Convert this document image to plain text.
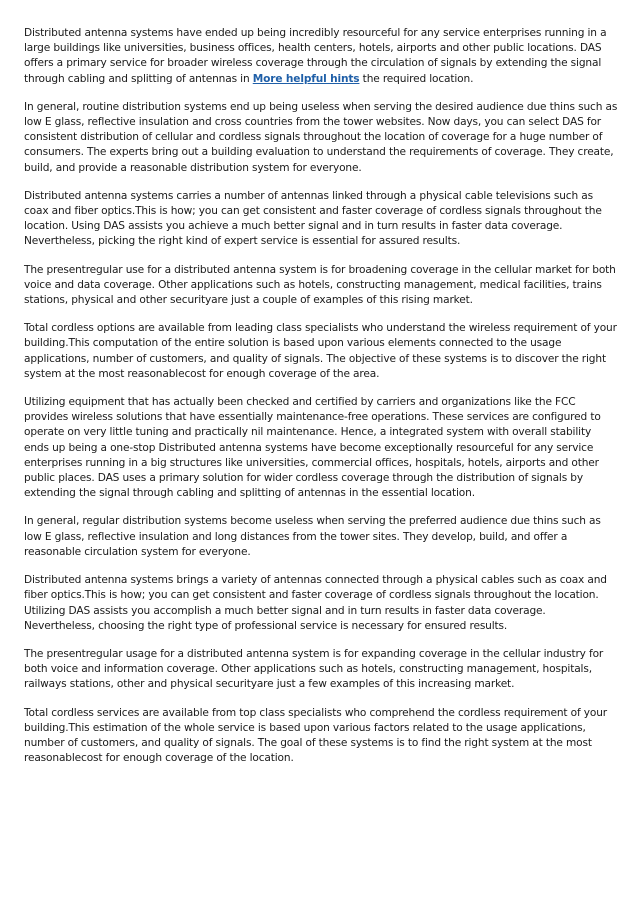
Distributed antenna systems have ended up being incredibly resourceful for any service enterprises running in a large buildings like universities, business offices, health centers, hotels, airports and other public locations. DAS offers a primary service for broader wireless coverage through the circulation of signals by extending the signal through cabling and splitting of antennas in More helpful hints the required location.

In general, routine distribution systems end up being useless when serving the desired audience due thins such as low E glass, reflective insulation and cross countries from the tower websites. Now days, you can select DAS for consistent distribution of cellular and cordless signals throughout the location of coverage for a huge number of consumers. The experts bring out a building evaluation to understand the requirements of coverage. They create, build, and provide a reasonable distribution system for everyone.

Distributed antenna systems carries a number of antennas linked through a physical cable televisions such as coax and fiber optics.This is how; you can get consistent and faster coverage of cordless signals throughout the location. Using DAS assists you achieve a much better signal and in turn results in faster data coverage. Nevertheless, picking the right kind of expert service is essential for assured results.

The presentregular use for a distributed antenna system is for broadening coverage in the cellular market for both voice and data coverage. Other applications such as hotels, constructing management, medical facilities, trains stations, physical and other securityare just a couple of examples of this rising market.

Total cordless options are available from leading class specialists who understand the wireless requirement of your building.This computation of the entire solution is based upon various elements connected to the usage applications, number of customers, and quality of signals. The objective of these systems is to discover the right system at the most reasonablecost for enough coverage of the area.

Utilizing equipment that has actually been checked and certified by carriers and organizations like the FCC provides wireless solutions that have essentially maintenance-free operations. These services are configured to operate on very little tuning and practically nil maintenance. Hence, a integrated system with overall stability ends up being a one-stop Distributed antenna systems have become exceptionally resourceful for any service enterprises running in a big structures like universities, commercial offices, hospitals, hotels, airports and other public places. DAS uses a primary solution for wider cordless coverage through the distribution of signals by extending the signal through cabling and splitting of antennas in the essential location.

In general, regular distribution systems become useless when serving the preferred audience due thins such as low E glass, reflective insulation and long distances from the tower sites. They develop, build, and offer a reasonable circulation system for everyone.

Distributed antenna systems brings a variety of antennas connected through a physical cables such as coax and fiber optics.This is how; you can get consistent and faster coverage of cordless signals throughout the location. Utilizing DAS assists you accomplish a much better signal and in turn results in faster data coverage. Nevertheless, choosing the right type of professional service is necessary for ensured results.

The presentregular usage for a distributed antenna system is for expanding coverage in the cellular industry for both voice and information coverage. Other applications such as hotels, constructing management, hospitals, railways stations, other and physical securityare just a few examples of this increasing market.

Total cordless services are available from top class specialists who comprehend the cordless requirement of your building.This estimation of the whole service is based upon various factors related to the usage applications, number of customers, and quality of signals. The goal of these systems is to find the right system at the most reasonablecost for enough coverage of the location.
